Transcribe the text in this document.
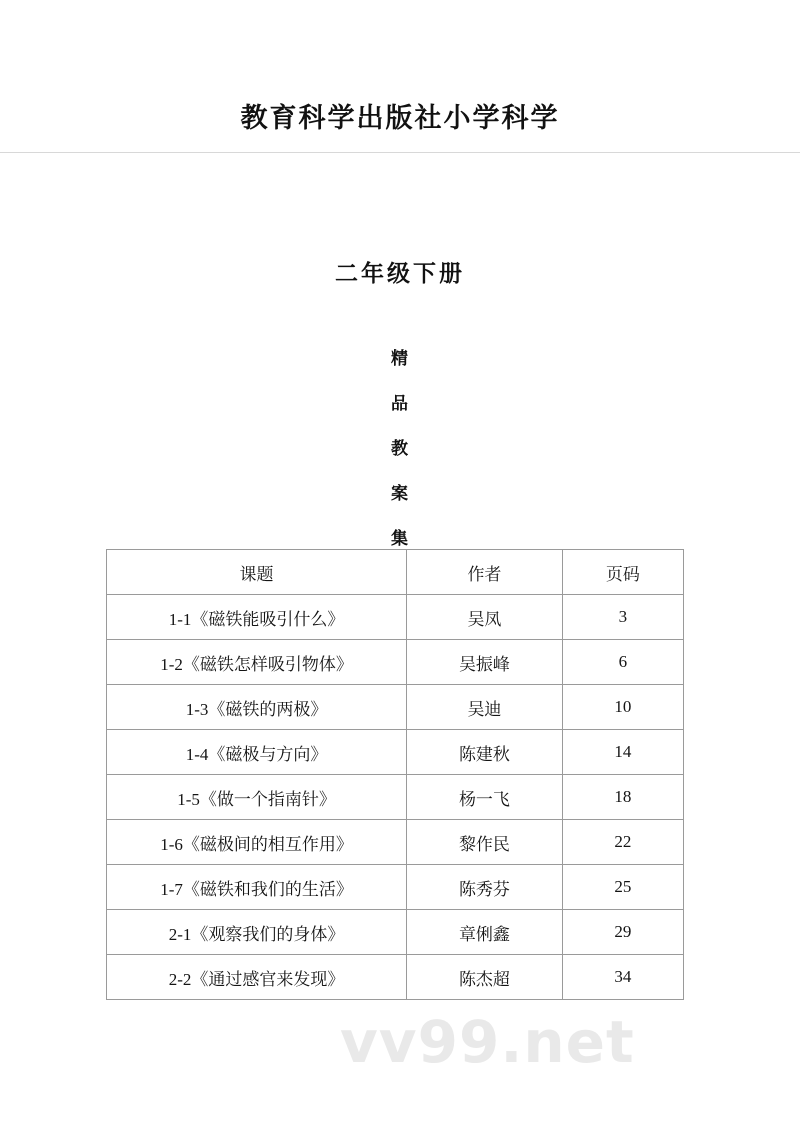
教育科学出版社小学科学
二年级下册
精
品
教
案
集
课题	作者	页码
1-1《磁铁能吸引什么》	吴凤	3
1-2《磁铁怎样吸引物体》	吴振峰	6
1-3《磁铁的两极》	吴迪	10
1-4《磁极与方向》	陈建秋	14
1-5《做一个指南针》	杨一飞	18
1-6《磁极间的相互作用》	黎作民	22
1-7《磁铁和我们的生活》	陈秀芬	25
2-1《观察我们的身体》	章俐鑫	29
2-2《通过感官来发现》	陈杰超	34
vv99.net
